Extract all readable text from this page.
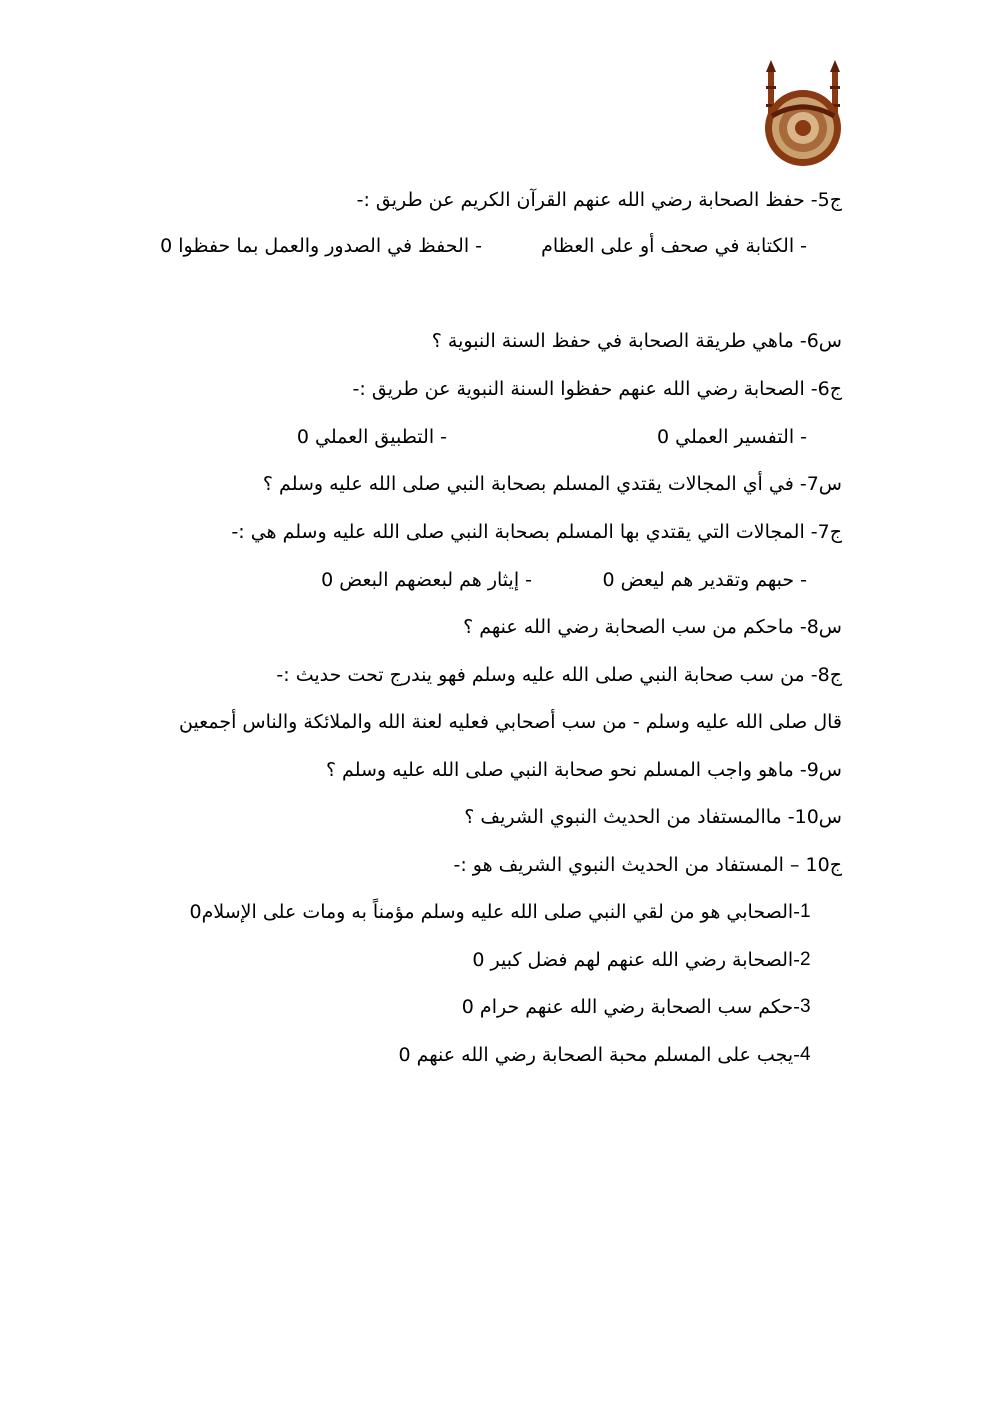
ج5- حفظ الصحابة رضي الله عنهم القرآن الكريم عن طريق :-
- الكتابة في صحف أو على العظام
- الحفظ في الصدور والعمل بما حفظوا 0
س6- ماهي طريقة الصحابة في حفظ السنة النبوية ؟
ج6- الصحابة رضي الله عنهم حفظوا السنة النبوية عن طريق :-
- التفسير العملي 0
- التطبيق العملي 0
س7- في أي المجالات يقتدي المسلم بصحابة النبي صلى الله عليه وسلم ؟
ج7- المجالات التي يقتدي بها المسلم بصحابة النبي صلى الله عليه وسلم هي :-
- حبهم وتقدير هم ليعض 0
- إيثار هم لبعضهم البعض 0
س8- ماحكم من سب الصحابة رضي الله عنهم ؟
ج8- من سب صحابة النبي صلى الله عليه وسلم فهو يندرج تحت حديث :-
قال صلى الله عليه وسلم - من سب أصحابي فعليه لعنة الله والملائكة والناس أجمعين
س9- ماهو واجب المسلم نحو صحابة النبي صلى الله عليه وسلم ؟
س10- ماالمستفاد من الحديث النبوي الشريف ؟
ج10 – المستفاد من الحديث النبوي الشريف هو :-
1
-الصحابي هو من لقي النبي صلى الله عليه وسلم مؤمناً به ومات على الإسلام0
2
-الصحابة رضي الله عنهم لهم فضل كبير 0
3
-حكم سب الصحابة رضي الله عنهم حرام 0
4
-يجب على المسلم محبة الصحابة رضي الله عنهم 0
